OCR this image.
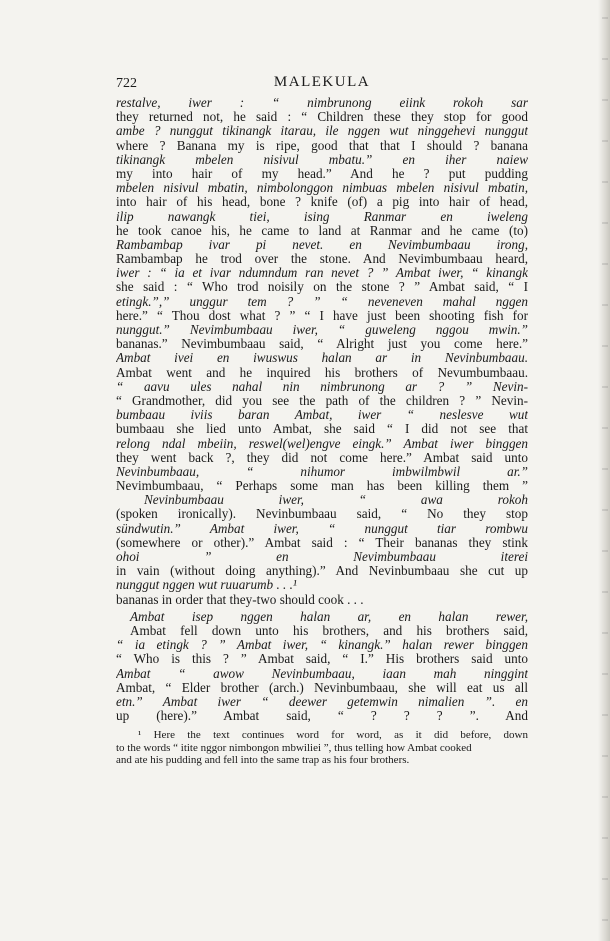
722	MALEKULA
restalve, iwer : “ nimbrunong eiink rokoh sar
they returned not, he said : “ Children these they stop for good
ambe ? nunggut tikinangk itarau, ile nggen wut ninggehevi nunggut
where ? Banana my is ripe, good that that I should ? banana
tikinangk mbelen nisivul mbatu.” en iher naiew
my into hair of my head.” And he ? put pudding
mbelen nisivul mbatin, nimbolonggon nimbuas mbelen nisivul mbatin,
into hair of his head, bone ? knife (of) a pig into hair of head,
ilip nawangk tiei, ising Ranmar en iweleng
he took canoe his, he came to land at Ranmar and he came (to)
Rambambap ivar pi nevet. en Nevimbumbaau irong,
Rambambap he trod over the stone. And Nevimbumbaau heard,
iwer : “ ia et ivar ndumndum ran nevet ? ” Ambat iwer, “ kinangk
she said : “ Who trod noisily on the stone ? ” Ambat said, “ I
etingk.”,” unggur tem ? ” “ neveneven mahal nggen
here.” “ Thou dost what ? ” “ I have just been shooting fish for
nunggut.” Nevimbumbaau iwer, “ guweleng nggou mwin.”
bananas.” Nevimbumbaau said, “ Alright just you come here.”
Ambat ivei en iwuswus halan ar in Nevinbumbaau.
Ambat went and he inquired his brothers of Nevumbumbaau.
“ aavu ules nahal nin nimbrunong ar ? ” Nevin-
“ Grandmother, did you see the path of the children ? ” Nevin-
bumbaau iviis baran Ambat, iwer “ neslesve wut
bumbaau she lied unto Ambat, she said “ I did not see that
relong ndal mbeiin, reswel(wel)engve eingk.” Ambat iwer binggen
they went back ?, they did not come here.” Ambat said unto
Nevinbumbaau, “ nihumor imbwilmbwil ar.”
Nevimbumbaau, “ Perhaps some man has been killing them ”
Nevinbumbaau iwer, “ awa rokoh
(spoken ironically). Nevinbumbaau said, “ No they stop
sündwutin.” Ambat iwer, “ nunggut tiar rombwu
(somewhere or other).” Ambat said : “ Their bananas they stink
ohoi ” en Nevimbumbaau iterei
in vain (without doing anything).” And Nevinbumbaau she cut up
nunggut nggen wut ruuarumb . . .¹
bananas in order that they-two should cook . . .
Ambat isep nggen halan ar, en halan rewer,
Ambat fell down unto his brothers, and his brothers said,
“ ia etingk ? ” Ambat iwer, “ kinangk.” halan rewer binggen
“ Who is this ? ” Ambat said, “ I.” His brothers said unto
Ambat “ awow Nevinbumbaau, iaan mah ninggint
Ambat, “ Elder brother (arch.) Nevinbumbaau, she will eat us all
etn.” Ambat iwer “ deewer getemwin nimalien ”. en
up (here).” Ambat said, “ ? ? ? ”. And
¹ Here the text continues word for word, as it did before, down
to the words “ itite nggor nimbongon mbwiliei ”, thus telling how Ambat cooked
and ate his pudding and fell into the same trap as his four brothers.
